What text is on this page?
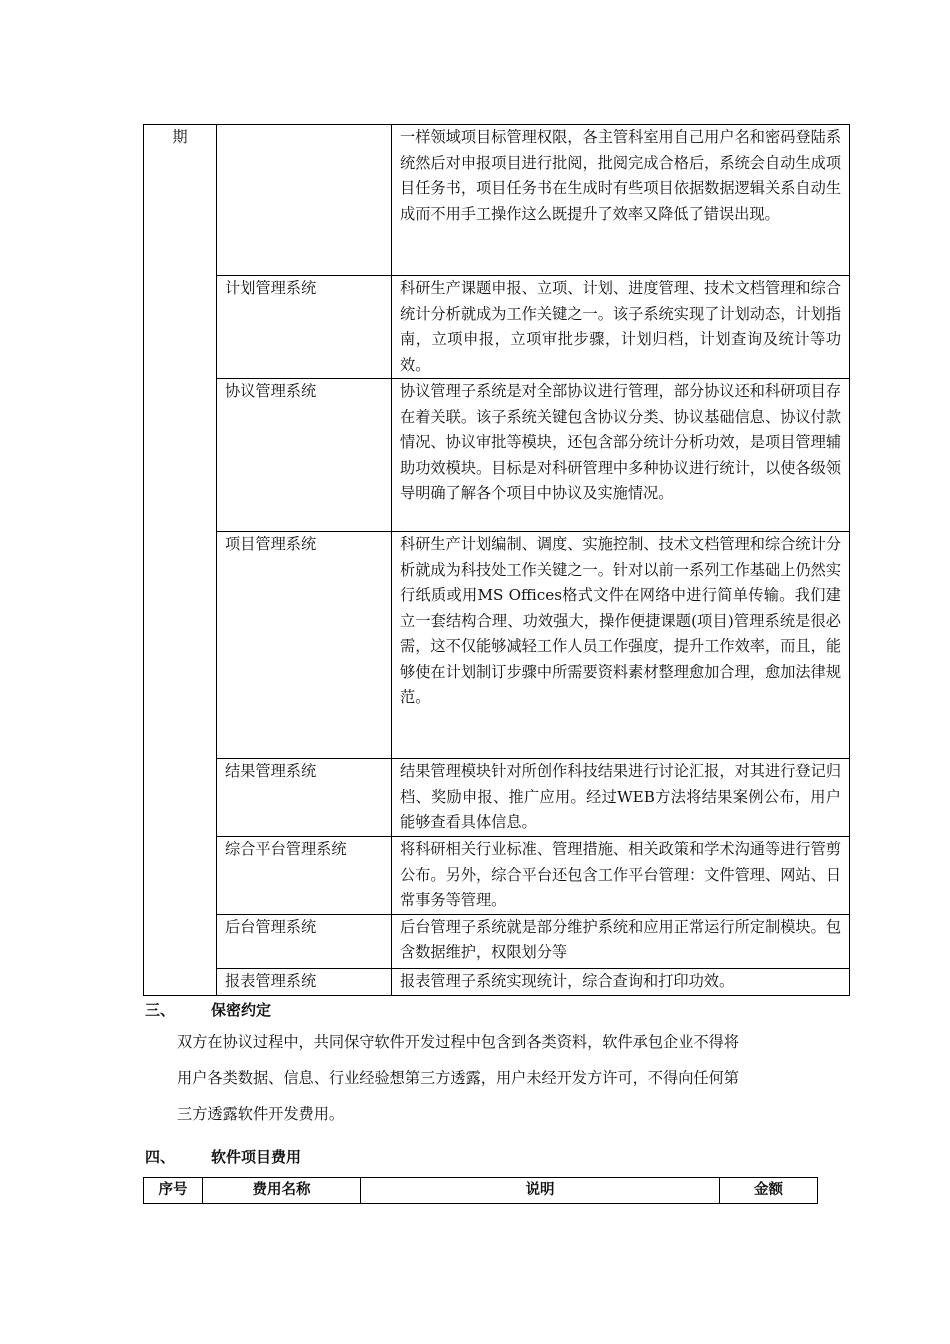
期		一样领域项目标管理权限，各主管科室用自己用户名和密码登陆系统然后对申报项目进行批阅，批阅完成合格后，系统会自动生成项目任务书，项目任务书在生成时有些项目依据数据逻辑关系自动生成而不用手工操作这么既提升了效率又降低了错误出现。
	计划管理系统	科研生产课题申报、立项、计划、进度管理、技术文档管理和综合统计分析就成为工作关键之一。该子系统实现了计划动态，计划指南，立项申报，立项审批步骤，计划归档，计划查询及统计等功效。
	协议管理系统	协议管理子系统是对全部协议进行管理，部分协议还和科研项目存在着关联。该子系统关键包含协议分类、协议基础信息、协议付款情况、协议审批等模块，还包含部分统计分析功效，是项目管理辅助功效模块。目标是对科研管理中多种协议进行统计，以使各级领导明确了解各个项目中协议及实施情况。
	项目管理系统	科研生产计划编制、调度、实施控制、技术文档管理和综合统计分析就成为科技处工作关键之一。针对以前一系列工作基础上仍然实行纸质或用MS Offices格式文件在网络中进行简单传输。我们建立一套结构合理、功效强大，操作便捷课题(项目)管理系统是很必需，这不仅能够减轻工作人员工作强度，提升工作效率，而且，能够使在计划制订步骤中所需要资料素材整理愈加合理，愈加法律规范。
	结果管理系统	结果管理模块针对所创作科技结果进行讨论汇报，对其进行登记归档、奖励申报、推广应用。经过WEB方法将结果案例公布，用户能够查看具体信息。
	综合平台管理系统	将科研相关行业标准、管理措施、相关政策和学术沟通等进行管剪公布。另外，综合平台还包含工作平台管理：文件管理、网站、日常事务等管理。
	后台管理系统	后台管理子系统就是部分维护系统和应用正常运行所定制模块。包含数据维护，权限划分等
	报表管理系统	报表管理子系统实现统计，综合查询和打印功效。
三、 保密约定
双方在协议过程中，共同保守软件开发过程中包含到各类资料，软件承包企业不得将
用户各类数据、信息、行业经验想第三方透露，用户未经开发方许可，不得向任何第
三方透露软件开发费用。
四、 软件项目费用
序号	费用名称	说明	金额
